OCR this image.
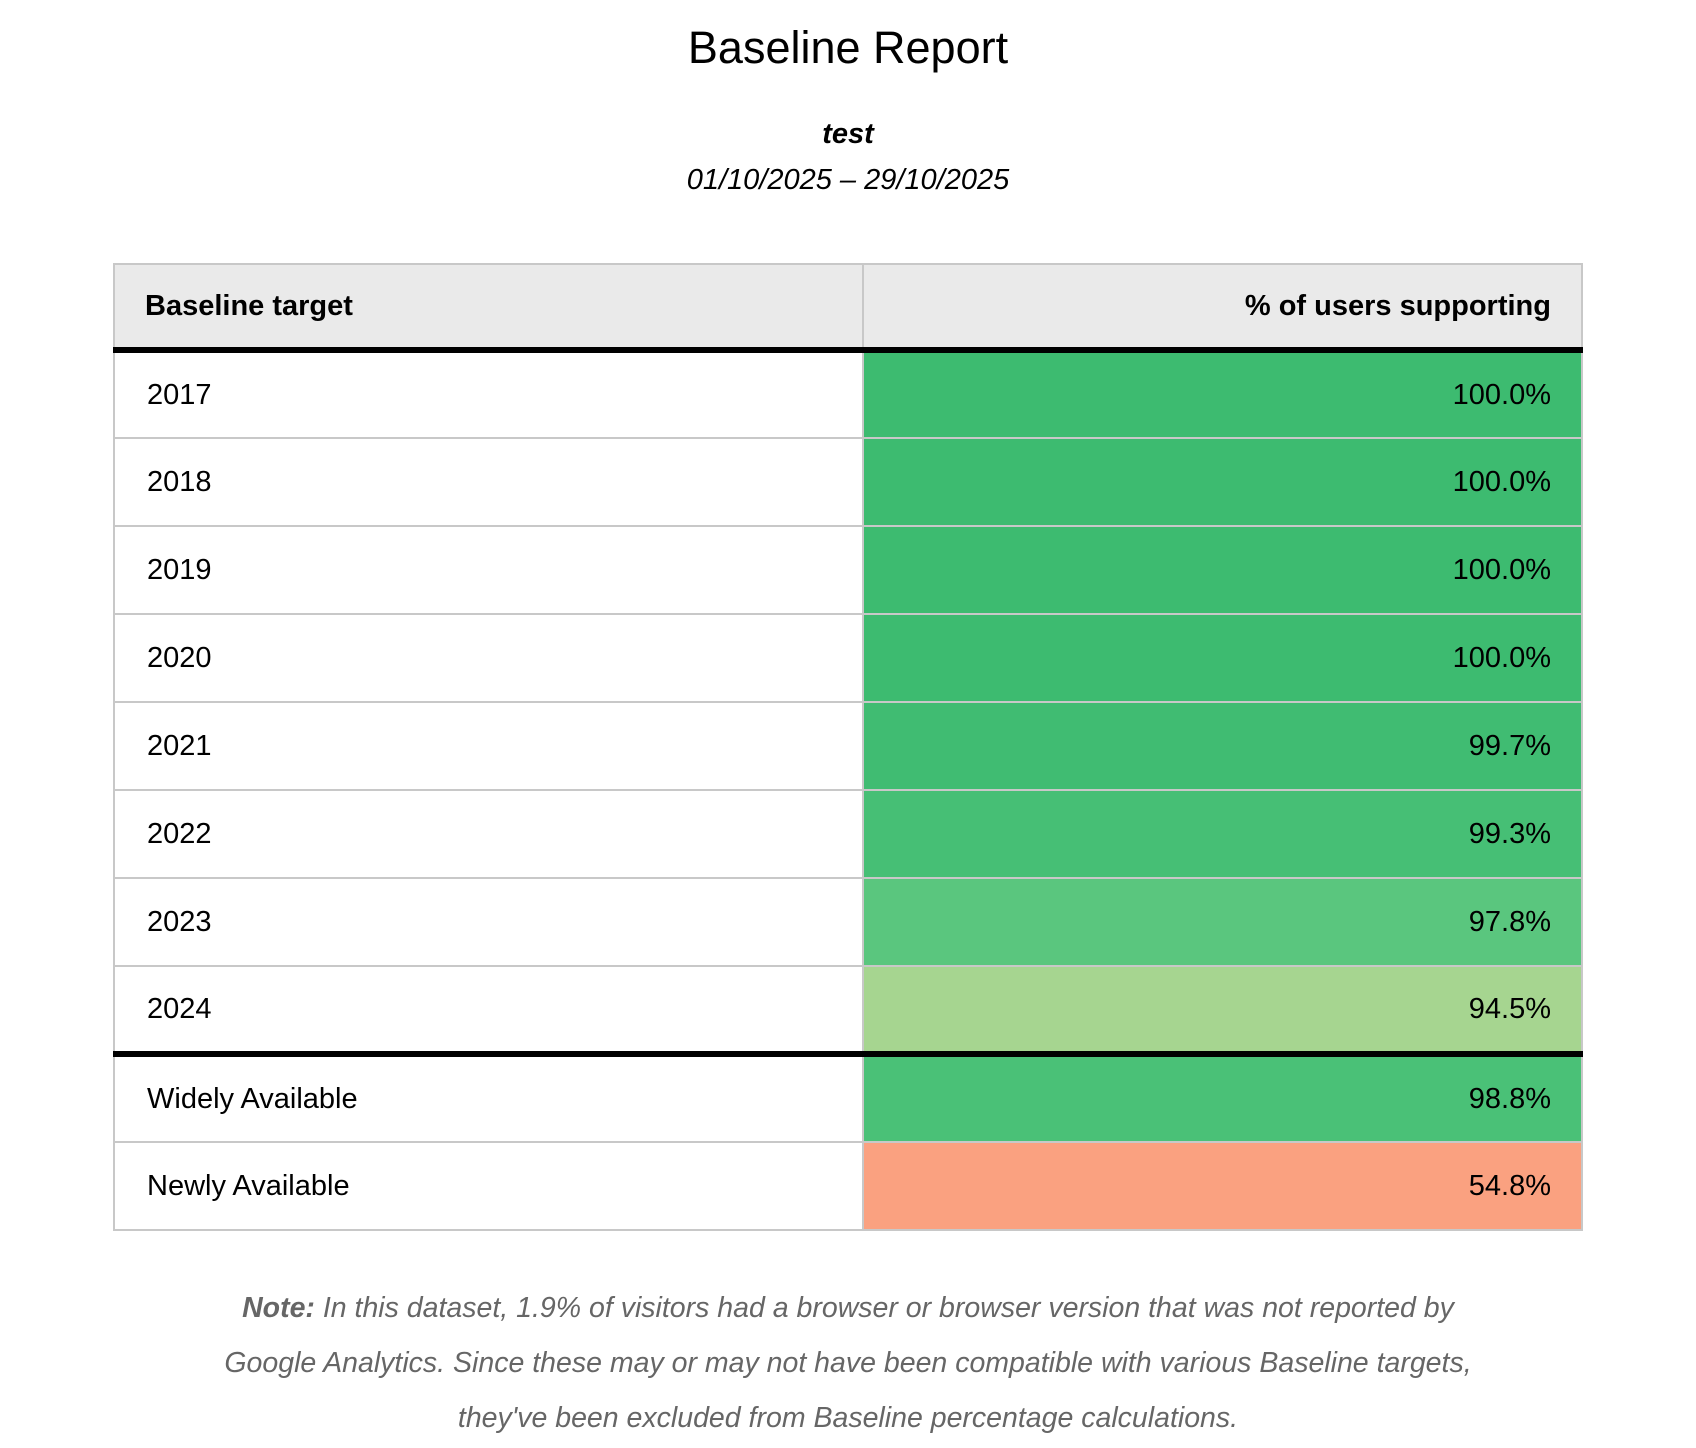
Baseline Report
test
01/10/2025 – 29/10/2025
Baseline target	% of users supporting
2017	100.0%
2018	100.0%
2019	100.0%
2020	100.0%
2021	99.7%
2022	99.3%
2023	97.8%
2024	94.5%
Widely Available	98.8%
Newly Available	54.8%

Note: In this dataset, 1.9% of visitors had a browser or browser version that was not reported by Google Analytics. Since these may or may not have been compatible with various Baseline targets, they've been excluded from Baseline percentage calculations.
